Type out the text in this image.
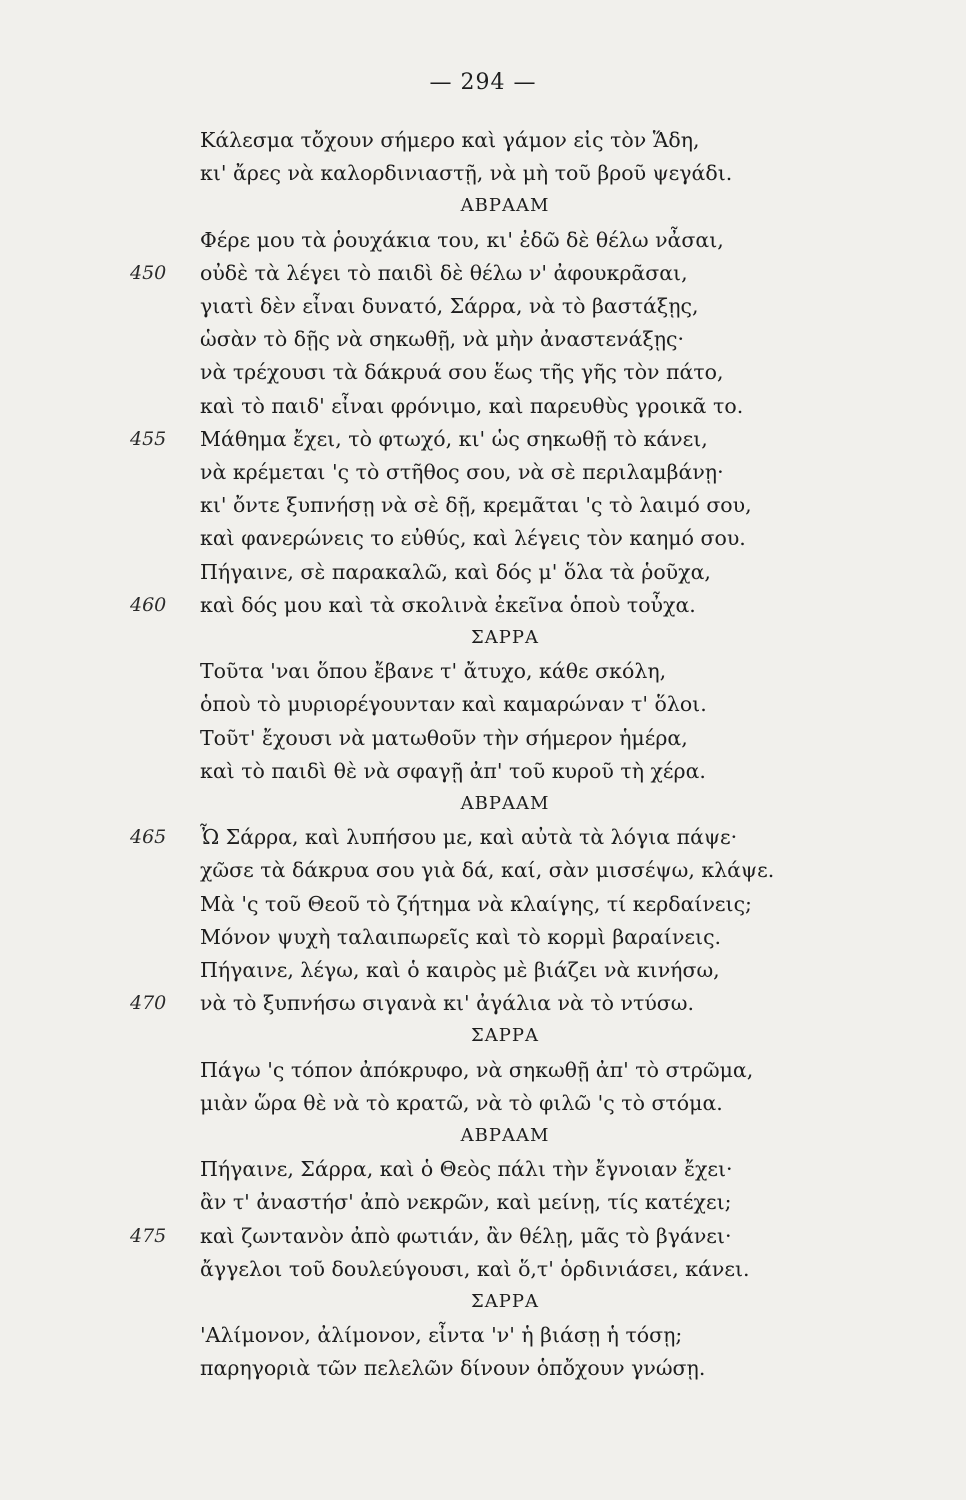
— 294 —
Κάλεσμα τὄχουν σήμερο καὶ γάμον εἰς τὸν Ἅδη,
κι' ἄρες νὰ καλορδινιαστῇ, νὰ μὴ τοῦ βροῦ ψεγάδι.
ΑΒΡΑΑΜ
Φέρε μου τὰ ῥουχάκια του, κι' ἐδῶ δὲ θέλω νἆσαι,
οὐδὲ τὰ λέγει τὸ παιδὶ δὲ θέλω ν' ἀφουκρᾶσαι,
450
γιατὶ δὲν εἶναι δυνατό, Σάρρα, νὰ τὸ βαστάξῃς,
ὡσὰν τὸ δῇς νὰ σηκωθῇ, νὰ μὴν ἀναστενάξῃς·
νὰ τρέχουσι τὰ δάκρυά σου ἕως τῆς γῆς τὸν πάτο,
καὶ τὸ παιδ' εἶναι φρόνιμο, καὶ παρευθὺς γροικᾶ το.
Μάθημα ἔχει, τὸ φτωχό, κι' ὡς σηκωθῇ τὸ κάνει,
455
νὰ κρέμεται 'ς τὸ στῆθος σου, νὰ σὲ περιλαμβάνῃ·
κι' ὄντε ξυπνήσῃ νὰ σὲ δῇ, κρεμᾶται 'ς τὸ λαιμό σου,
καὶ φανερώνεις το εὐθύς, καὶ λέγεις τὸν καημό σου.
Πήγαινε, σὲ παρακαλῶ, καὶ δός μ' ὅλα τὰ ῥοῦχα,
καὶ δός μου καὶ τὰ σκολινὰ ἐκεῖνα ὁποὺ τοὖχα.
460
ΣΑΡΡΑ
Τοῦτα 'ναι ὅπου ἔβανε τ' ἄτυχο, κάθε σκόλη,
ὁποὺ τὸ μυριορέγουνταν καὶ καμαρώναν τ' ὅλοι.
Τοῦτ' ἔχουσι νὰ ματωθοῦν τὴν σήμερον ἡμέρα,
καὶ τὸ παιδὶ θὲ νὰ σφαγῇ ἀπ' τοῦ κυροῦ τὴ χέρα.
ΑΒΡΑΑΜ
Ὦ Σάρρα, καὶ λυπήσου με, καὶ αὐτὰ τὰ λόγια πάψε·
465
χῶσε τὰ δάκρυα σου γιὰ δά, καί, σὰν μισσέψω, κλάψε.
Μὰ 'ς τοῦ Θεοῦ τὸ ζήτημα νὰ κλαίγης, τί κερδαίνεις;
Μόνον ψυχὴ ταλαιπωρεῖς καὶ τὸ κορμὶ βαραίνεις.
Πήγαινε, λέγω, καὶ ὁ καιρὸς μὲ βιάζει νὰ κινήσω,
νὰ τὸ ξυπνήσω σιγανὰ κι' ἀγάλια νὰ τὸ ντύσω.
470
ΣΑΡΡΑ
Πάγω 'ς τόπον ἀπόκρυφο, νὰ σηκωθῇ ἀπ' τὸ στρῶμα,
μιὰν ὥρα θὲ νὰ τὸ κρατῶ, νὰ τὸ φιλῶ 'ς τὸ στόμα.
ΑΒΡΑΑΜ
Πήγαινε, Σάρρα, καὶ ὁ Θεὸς πάλι τὴν ἔγνοιαν ἔχει·
ἂν τ' ἀναστήσ' ἀπὸ νεκρῶν, καὶ μείνῃ, τίς κατέχει;
καὶ ζωντανὸν ἀπὸ φωτιάν, ἂν θέλῃ, μᾶς τὸ βγάνει·
475
ἄγγελοι τοῦ δουλεύγουσι, καὶ ὅ,τ' ὁρδινιάσει, κάνει.
ΣΑΡΡΑ
'Αλίμονον, ἀλίμονον, εἶντα 'ν' ἡ βιάσῃ ἡ τόσῃ;
παρηγοριὰ τῶν πελελῶν δίνουν ὁπὄχουν γνώσῃ.
